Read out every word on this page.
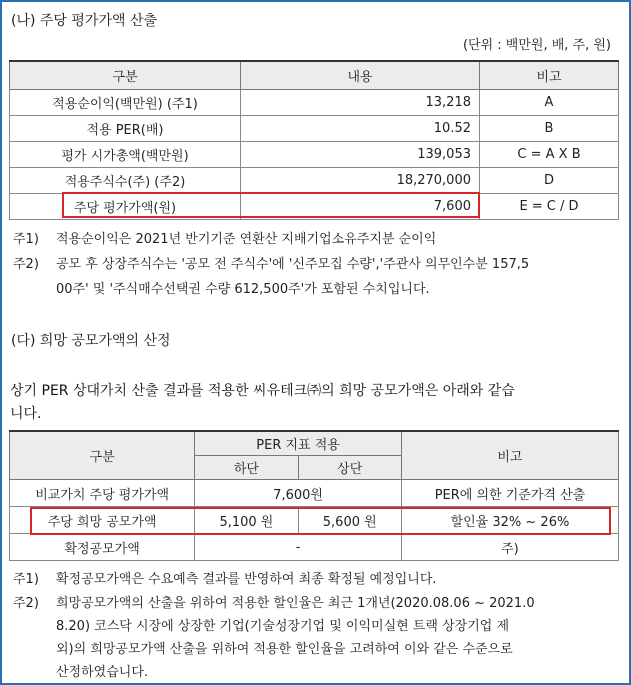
(나) 주당 평가가액 산출
(단위 : 백만원, 배, 주, 원)
구분	내용	비고
적용순이익(백만원) (주1)	13,218	A
적용 PER(배)	10.52	B
평가 시가총액(백만원)	139,053	C = A X B
적용주식수(주) (주2)	18,270,000	D
주당 평가가액(원)	7,600	E = C / D
주1) 적용순이익은 2021년 반기기준 연환산 지배기업소유주지분 순이익
주2) 공모 후 상장주식수는 '공모 전 주식수'에 '신주모집 수량','주관사 의무인수분 157,5
00주' 및 '주식매수선택권 수량 612,500주'가 포함된 수치입니다.
(다) 희망 공모가액의 산정
상기 PER 상대가치 산출 결과를 적용한 씨유테크㈜의 희망 공모가액은 아래와 같습
니다.
구분	PER 지표 적용		비고
	하단	상단	
비교가치 주당 평가가액	7,600원		PER에 의한 기준가격 산출
주당 희망 공모가액	5,100 원	5,600 원	할인율 32% ~ 26%
확정공모가액	-		주)
주1) 확정공모가액은 수요예측 결과를 반영하여 최종 확정될 예정입니다.
주2) 희망공모가액의 산출을 위하여 적용한 할인율은 최근 1개년(2020.08.06 ~ 2021.0
8.20) 코스닥 시장에 상장한 기업(기술성장기업 및 이익미실현 트랙 상장기업 제
외)의 희망공모가액 산출을 위하여 적용한 할인율을 고려하여 이와 같은 수준으로
산정하였습니다.
